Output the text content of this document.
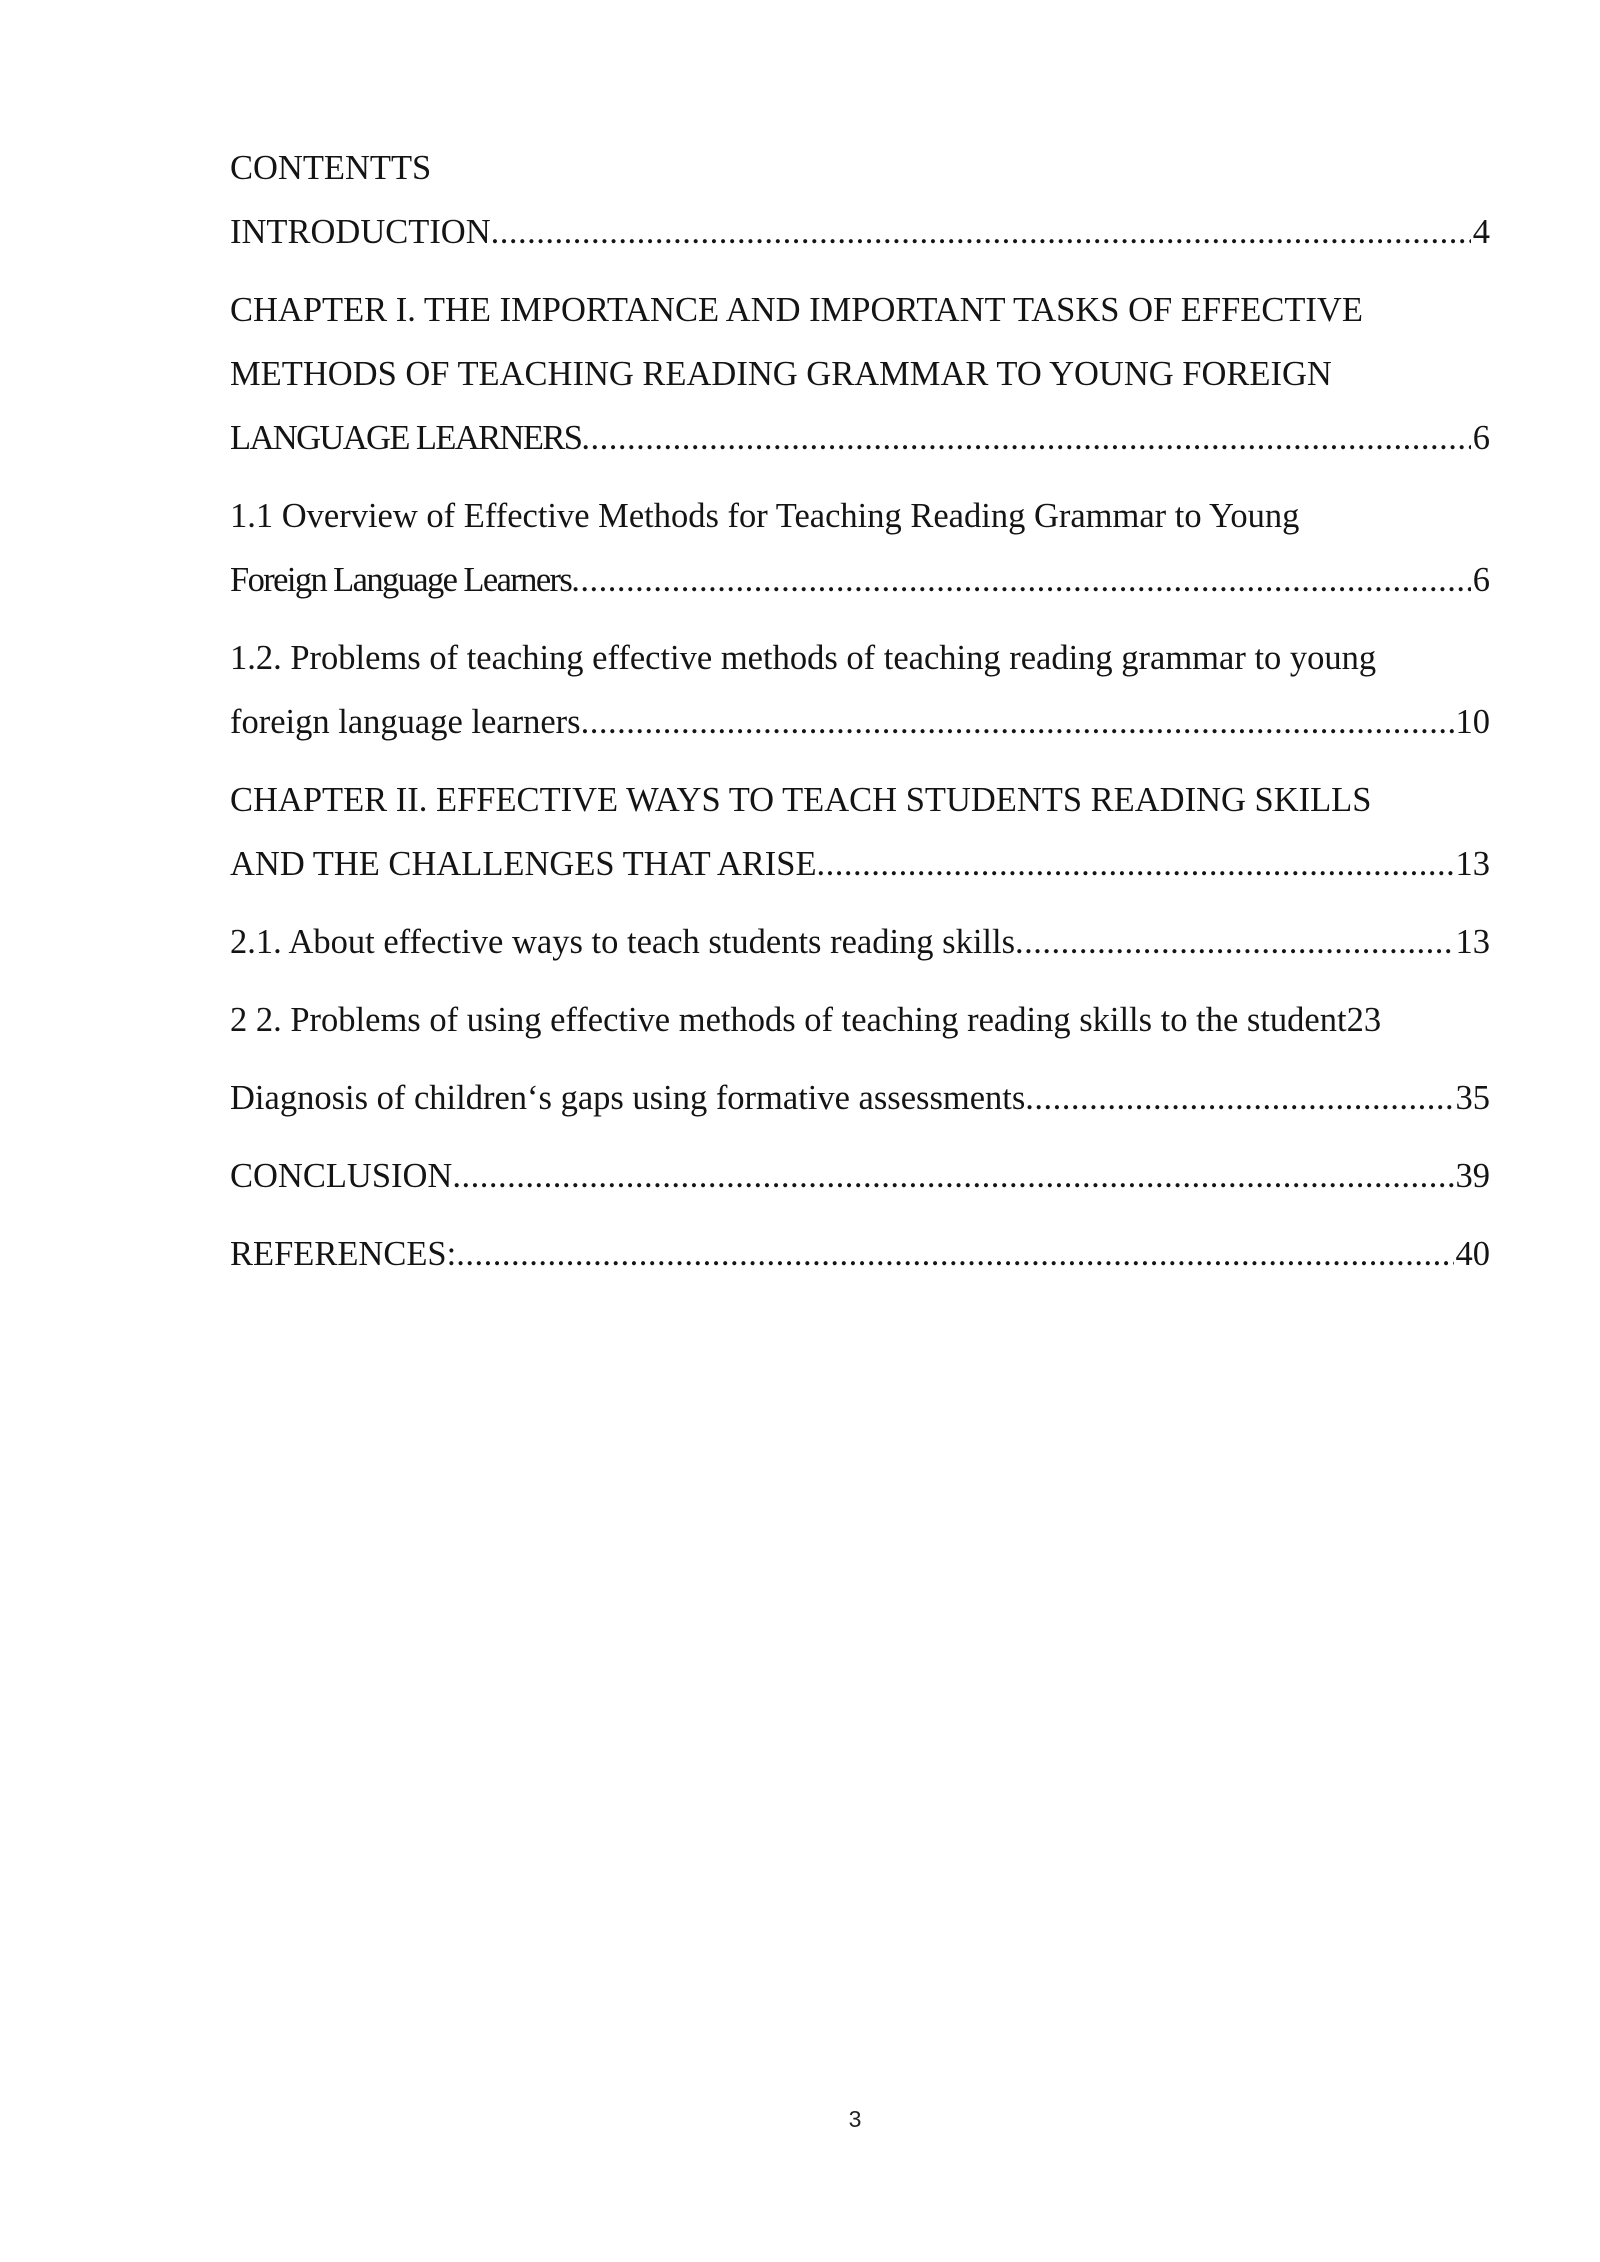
CONTENTTS
INTRODUCTION .....	4
CHAPTER I. THE IMPORTANCE AND IMPORTANT TASKS OF EFFECTIVE
METHODS OF TEACHING READING GRAMMAR TO YOUNG FOREIGN
LANGUAGE LEARNERS .....	6
1.1 Overview of Effective Methods for Teaching Reading Grammar to Young
Foreign Language Learners .....	6
1.2. Problems of teaching effective methods of teaching reading grammar to young
foreign language learners .....	10
CHAPTER II. EFFECTIVE WAYS TO TEACH STUDENTS READING SKILLS
AND THE CHALLENGES THAT ARISE .....	13
2.1. About effective ways to teach students reading skills .....	13
2 2. Problems of using effective methods of teaching reading skills to the student23
Diagnosis of children‘s gaps using formative assessments .....	35
CONCLUSION .....	39
REFERENCES: .....	40
3
